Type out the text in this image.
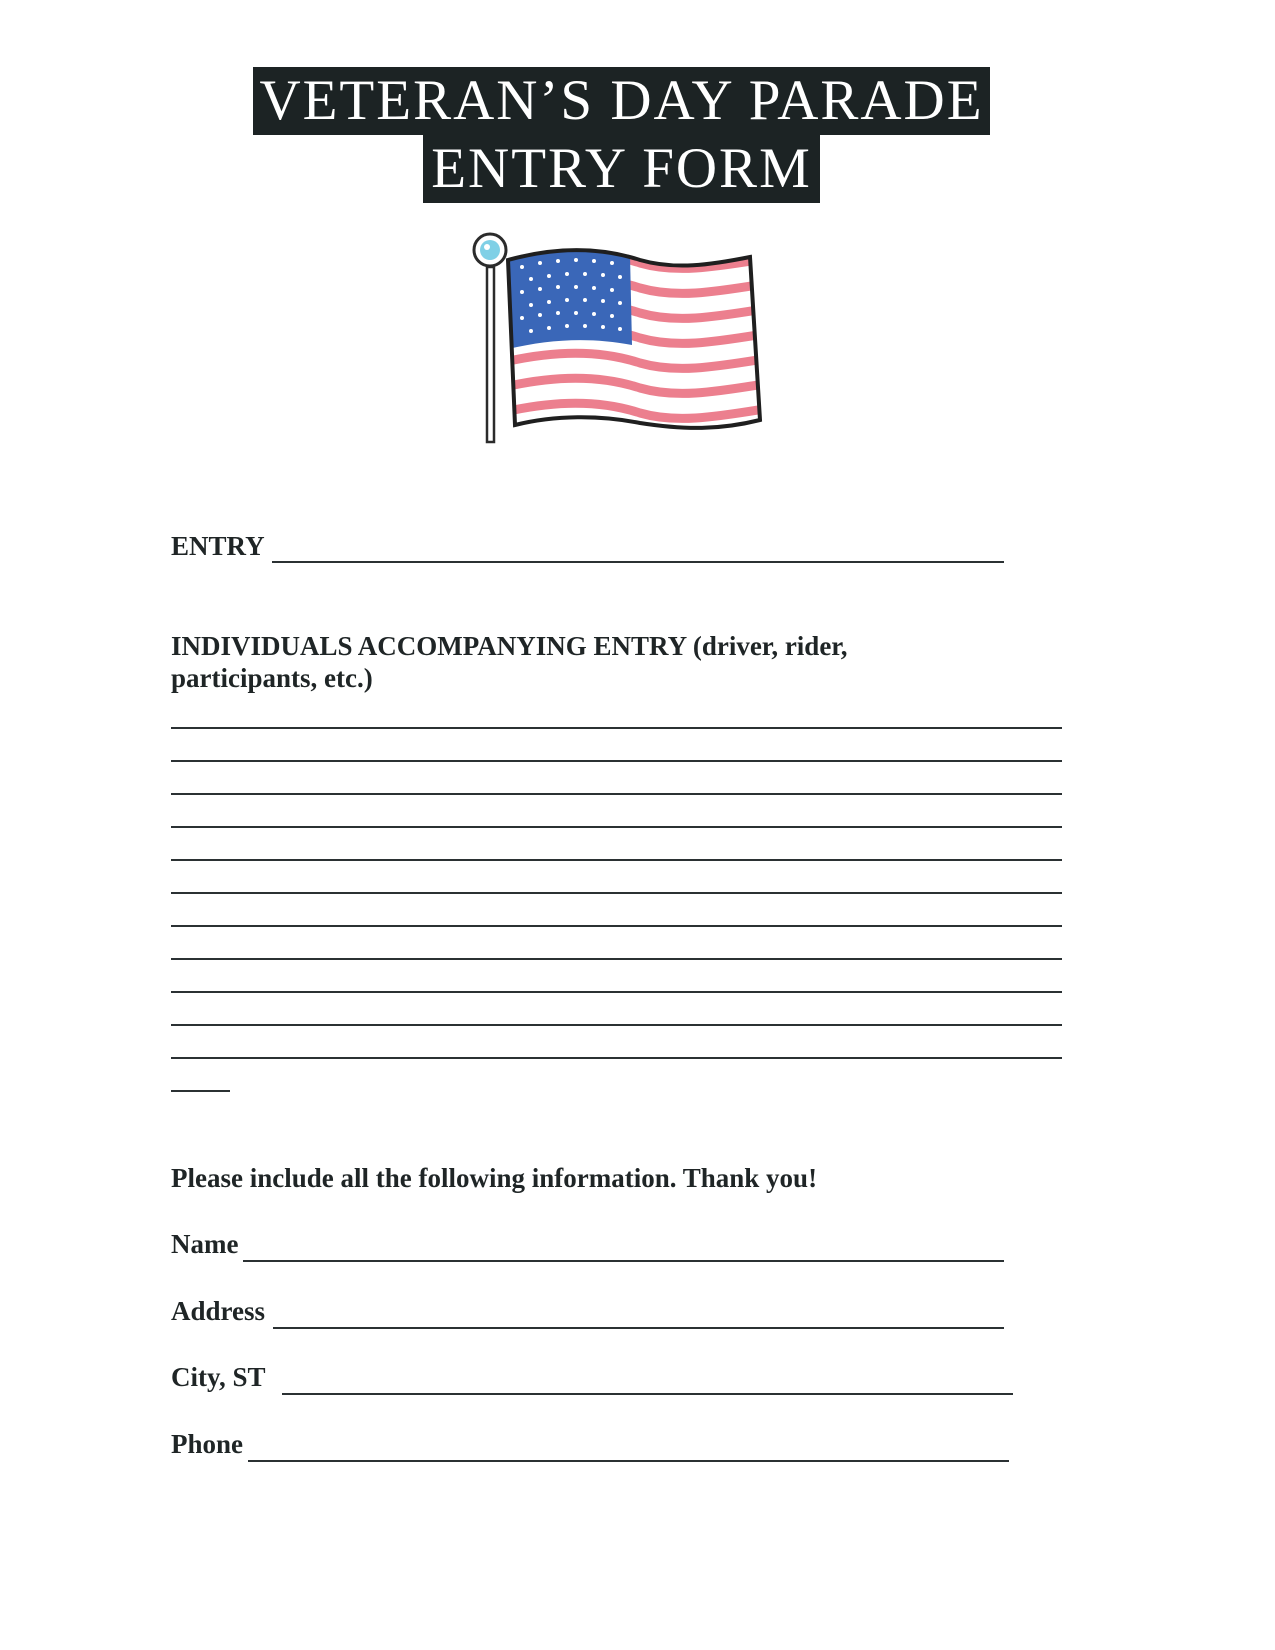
VETERAN’S DAY PARADE
ENTRY FORM
ENTRY
INDIVIDUALS ACCOMPANYING ENTRY (driver, rider, participants, etc.)
Please include all the following information. Thank you!
Name
Address
City, ST
Phone
